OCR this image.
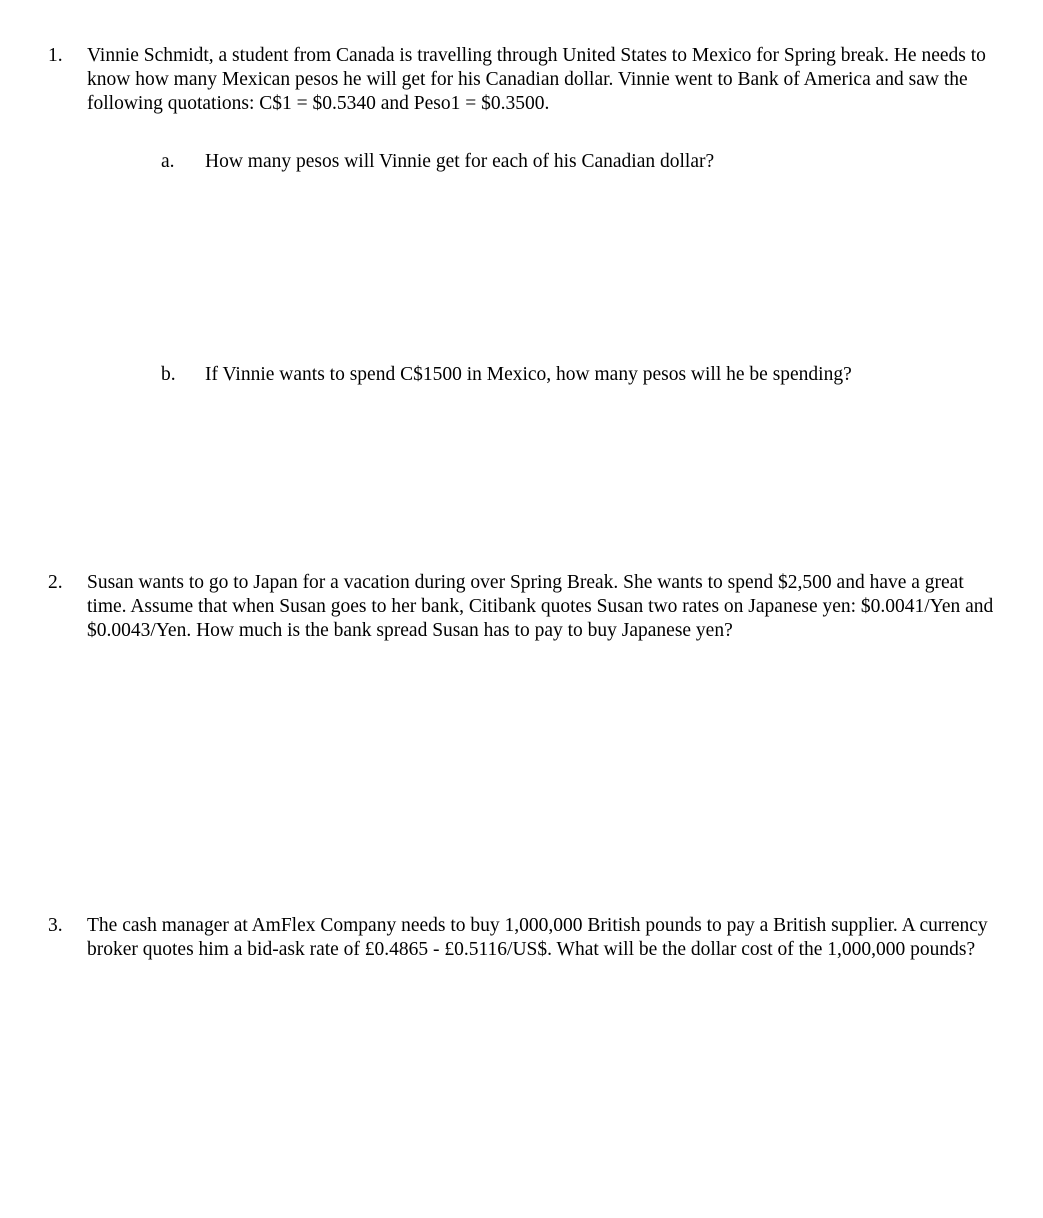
1.	Vinnie Schmidt, a student from Canada is travelling through United States to Mexico for Spring break. He needs to know how many Mexican pesos he will get for his Canadian dollar. Vinnie went to Bank of America and saw the following quotations: C$1 = $0.5340 and Peso1 = $0.3500.
a.	How many pesos will Vinnie get for each of his Canadian dollar?
b.	If Vinnie wants to spend C$1500 in Mexico, how many pesos will he be spending?
2.	Susan wants to go to Japan for a vacation during over Spring Break. She wants to spend $2,500 and have a great time. Assume that when Susan goes to her bank, Citibank quotes Susan two rates on Japanese yen: $0.0041/Yen and $0.0043/Yen. How much is the bank spread Susan has to pay to buy Japanese yen?
3.	The cash manager at AmFlex Company needs to buy 1,000,000 British pounds to pay a British supplier. A currency broker quotes him a bid-ask rate of £0.4865 - £0.5116/US$. What will be the dollar cost of the 1,000,000 pounds?
